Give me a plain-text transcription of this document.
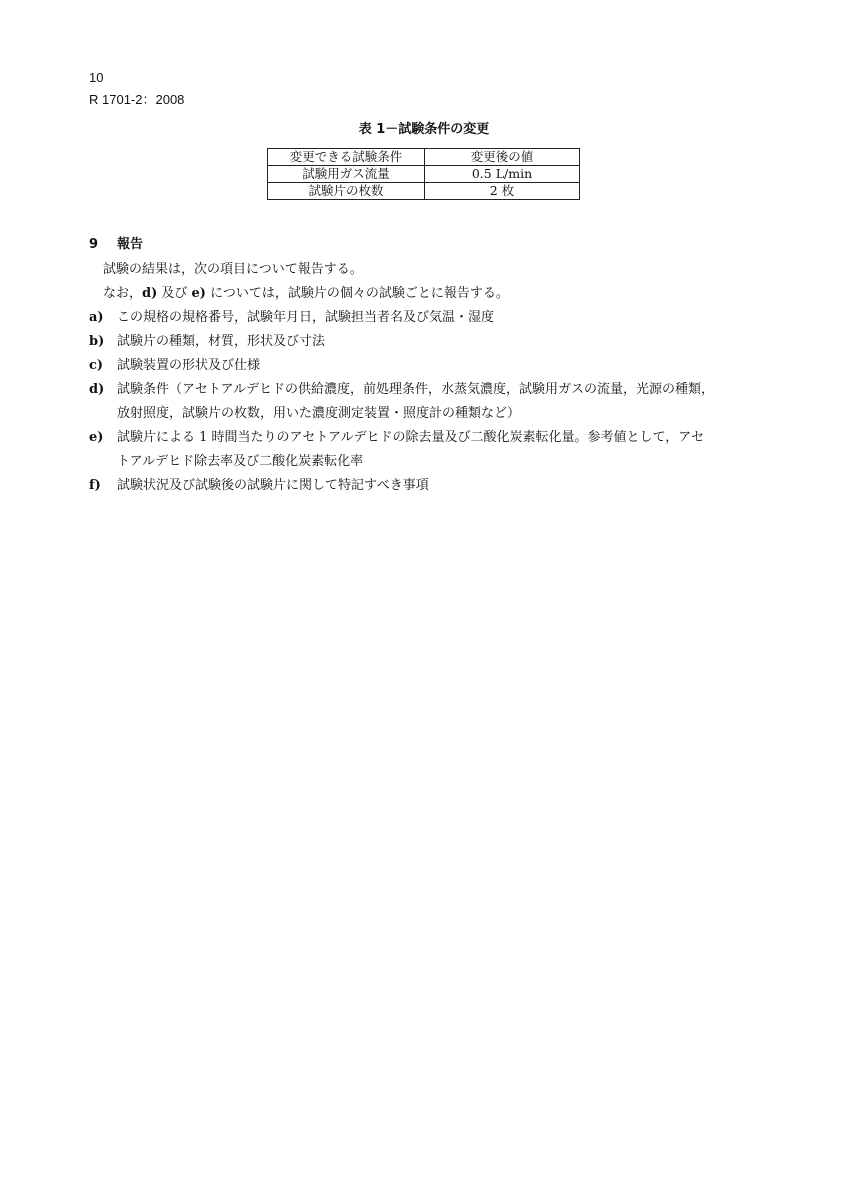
10
R 1701-2：2008
表 1－試験条件の変更
変更できる試験条件	変更後の値
試験用ガス流量	0.5 L/min
試験片の枚数	2 枚
9 報告
試験の結果は，次の項目について報告する。
なお，d) 及び e) については，試験片の個々の試験ごとに報告する。
a) この規格の規格番号，試験年月日，試験担当者名及び気温・湿度
b) 試験片の種類，材質，形状及び寸法
c) 試験装置の形状及び仕様
d) 試験条件（アセトアルデヒドの供給濃度，前処理条件，水蒸気濃度，試験用ガスの流量，光源の種類，
放射照度，試験片の枚数，用いた濃度測定装置・照度計の種類など）
e) 試験片による 1 時間当たりのアセトアルデヒドの除去量及び二酸化炭素転化量。参考値として，アセ
トアルデヒド除去率及び二酸化炭素転化率
f) 試験状況及び試験後の試験片に関して特記すべき事項
